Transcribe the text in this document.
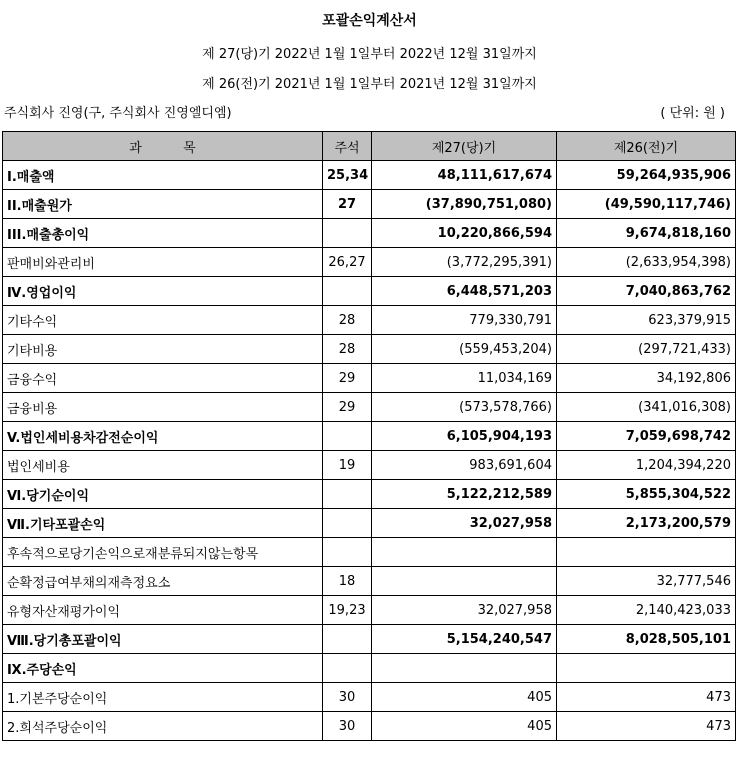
포괄손익계산서
제 27(당)기 2022년 1월 1일부터 2022년 12월 31일까지
제 26(전)기 2021년 1월 1일부터 2021년 12월 31일까지
주식회사 진영(구, 주식회사 진영엘디엠)	( 단위: 원 )
과          목	주석	제27(당)기	제26(전)기
I.매출액	25,34	48,111,617,674	59,264,935,906
II.매출원가	27	(37,890,751,080)	(49,590,117,746)
III.매출총이익		10,220,866,594	9,674,818,160
판매비와관리비	26,27	(3,772,295,391)	(2,633,954,398)
Ⅳ.영업이익		6,448,571,203	7,040,863,762
기타수익	28	779,330,791	623,379,915
기타비용	28	(559,453,204)	(297,721,433)
금융수익	29	11,034,169	34,192,806
금융비용	29	(573,578,766)	(341,016,308)
V.법인세비용차감전순이익		6,105,904,193	7,059,698,742
법인세비용	19	983,691,604	1,204,394,220
Ⅵ.당기순이익		5,122,212,589	5,855,304,522
Ⅶ.기타포괄손익		32,027,958	2,173,200,579
후속적으로당기손익으로재분류되지않는항목			
순확정급여부채의재측정요소	18		32,777,546
유형자산재평가이익	19,23	32,027,958	2,140,423,033
Ⅷ.당기총포괄이익		5,154,240,547	8,028,505,101
Ⅸ.주당손익			
1.기본주당순이익	30	405	473
2.희석주당순이익	30	405	473
